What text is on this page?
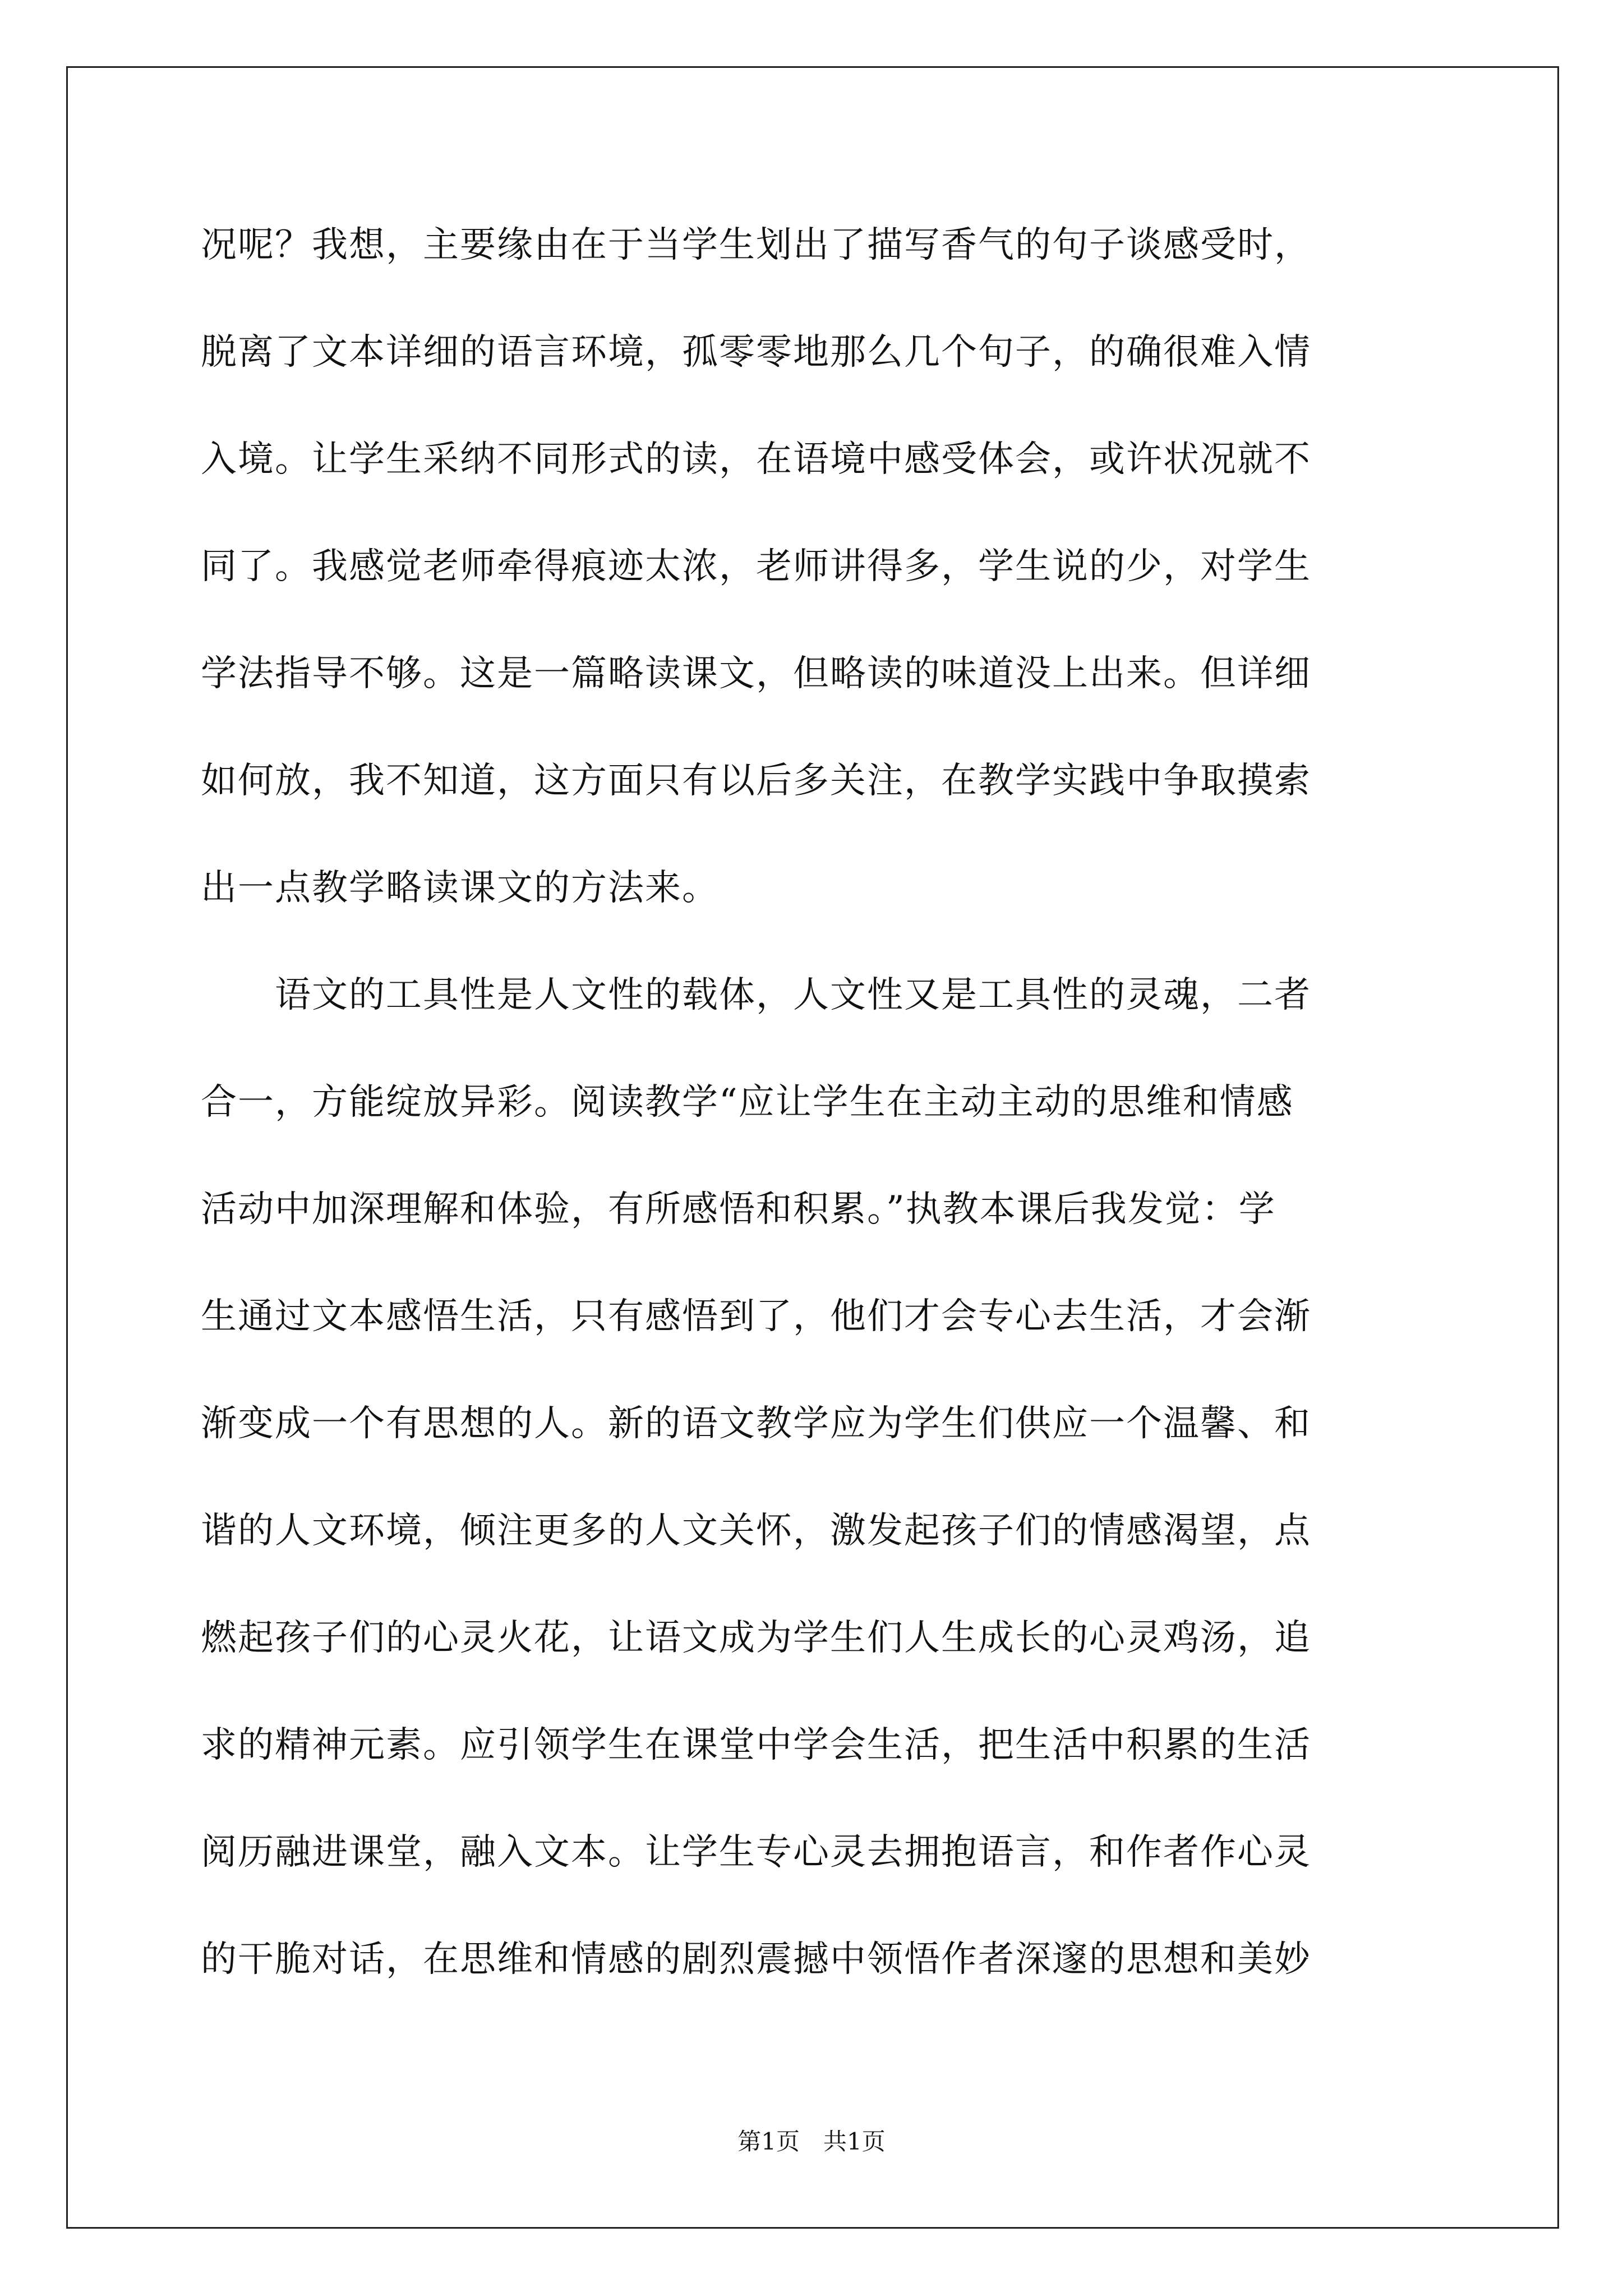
况呢？我想，主要缘由在于当学生划出了描写香气的句子谈感受时，
脱离了文本详细的语言环境，孤零零地那么几个句子，的确很难入情
入境。让学生采纳不同形式的读，在语境中感受体会，或许状况就不
同了。我感觉老师牵得痕迹太浓，老师讲得多，学生说的少，对学生
学法指导不够。这是一篇略读课文，但略读的味道没上出来。但详细
如何放，我不知道，这方面只有以后多关注，在教学实践中争取摸索
出一点教学略读课文的方法来。
语文的工具性是人文性的载体，人文性又是工具性的灵魂，二者
合一，方能绽放异彩。阅读教学“应让学生在主动主动的思维和情感
活动中加深理解和体验，有所感悟和积累。”执教本课后我发觉：学
生通过文本感悟生活，只有感悟到了，他们才会专心去生活，才会渐
渐变成一个有思想的人。新的语文教学应为学生们供应一个温馨、和
谐的人文环境，倾注更多的人文关怀，激发起孩子们的情感渴望，点
燃起孩子们的心灵火花，让语文成为学生们人生成长的心灵鸡汤，追
求的精神元素。应引领学生在课堂中学会生活，把生活中积累的生活
阅历融进课堂，融入文本。让学生专心灵去拥抱语言，和作者作心灵
的干脆对话，在思维和情感的剧烈震撼中领悟作者深邃的思想和美妙
第1页　共1页
